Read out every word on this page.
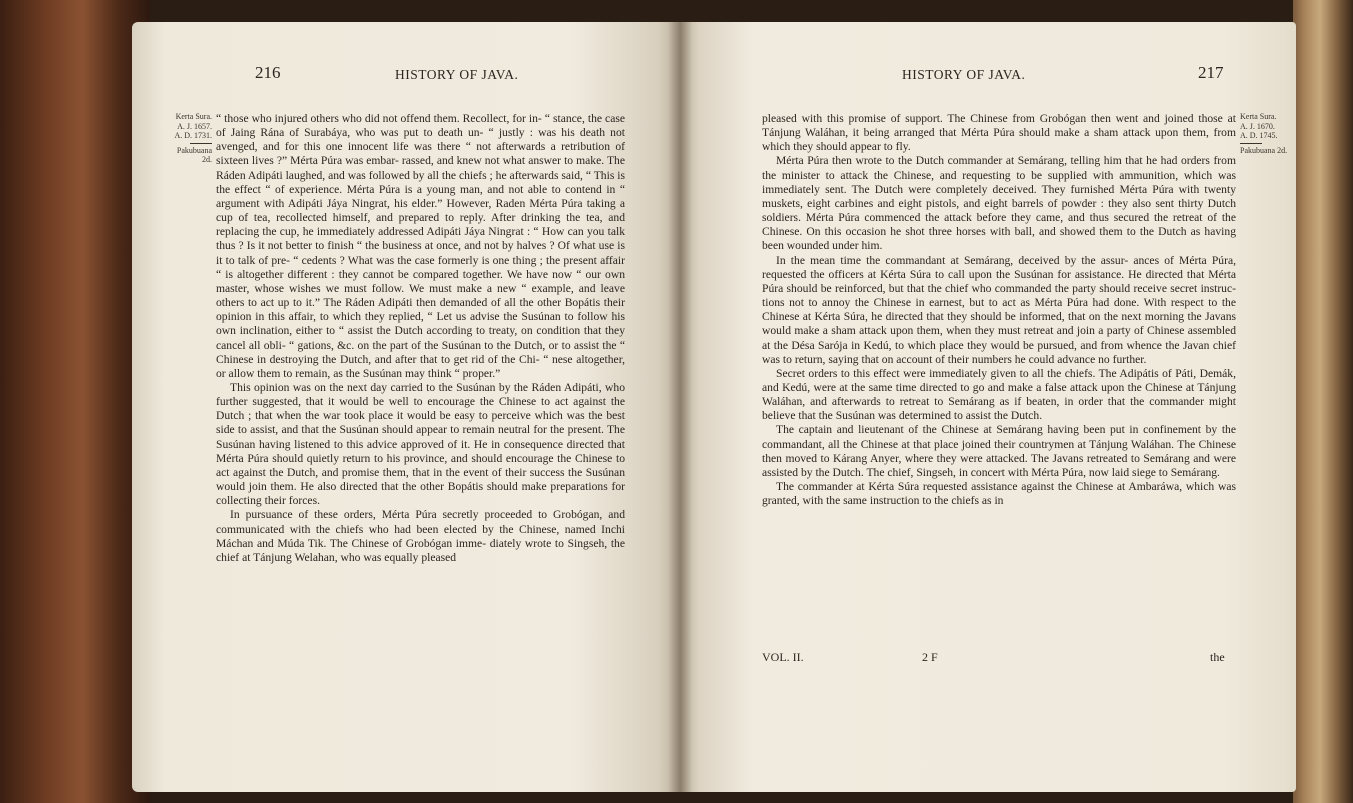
216	HISTORY OF JAVA.
Kerta Sura.
A. J. 1657.
A. D. 1731.
Pakubuana 2d.

“ those who injured others who did not offend them. Recollect, for in- “ stance, the case of Jaing Rána of Surabáya, who was put to death un- “ justly : was his death not avenged, and for this one innocent life was there “ not afterwards a retribution of sixteen lives ?” Mérta Púra was embar- rassed, and knew not what answer to make. The Ráden Adipáti laughed, and was followed by all the chiefs ; he afterwards said, “ This is the effect “ of experience. Mérta Púra is a young man, and not able to contend in “ argument with Adipáti Jáya Ningrat, his elder.” However, Raden Mérta Púra taking a cup of tea, recollected himself, and prepared to reply. After drinking the tea, and replacing the cup, he immediately addressed Adipáti Jáya Ningrat : “ How can you talk thus ? Is it not better to finish “ the business at once, and not by halves ? Of what use is it to talk of pre- “ cedents ? What was the case formerly is one thing ; the present affair “ is altogether different : they cannot be compared together. We have now “ our own master, whose wishes we must follow. We must make a new “ example, and leave others to act up to it.” The Ráden Adipáti then demanded of all the other Bopátis their opinion in this affair, to which they replied, “ Let us advise the Susúnan to follow his own inclination, either to “ assist the Dutch according to treaty, on condition that they cancel all obli- “ gations, &c. on the part of the Susúnan to the Dutch, or to assist the “ Chinese in destroying the Dutch, and after that to get rid of the Chi- “ nese altogether, or allow them to remain, as the Susúnan may think “ proper.”

This opinion was on the next day carried to the Susúnan by the Ráden Adipáti, who further suggested, that it would be well to encourage the Chinese to act against the Dutch ; that when the war took place it would be easy to perceive which was the best side to assist, and that the Susúnan should appear to remain neutral for the present. The Susúnan having listened to this advice approved of it. He in consequence directed that Mérta Púra should quietly return to his province, and should encourage the Chinese to act against the Dutch, and promise them, that in the event of their success the Susúnan would join them. He also directed that the other Bopátis should make preparations for collecting their forces.

In pursuance of these orders, Mérta Púra secretly proceeded to Grobógan, and communicated with the chiefs who had been elected by the Chinese, named Inchi Máchan and Múda Tik. The Chinese of Grobógan imme- diately wrote to Singseh, the chief at Tánjung Welahan, who was equally pleased

HISTORY OF JAVA.	217
Kerta Sura.
A. J. 1670.
A. D. 1745.
Pakubuana 2d.

pleased with this promise of support. The Chinese from Grobógan then went and joined those at Tánjung Waláhan, it being arranged that Mérta Púra should make a sham attack upon them, from which they should appear to fly.

Mérta Púra then wrote to the Dutch commander at Semárang, telling him that he had orders from the minister to attack the Chinese, and requesting to be supplied with ammunition, which was immediately sent. The Dutch were completely deceived. They furnished Mérta Púra with twenty muskets, eight carbines and eight pistols, and eight barrels of powder : they also sent thirty Dutch soldiers. Mérta Púra commenced the attack before they came, and thus secured the retreat of the Chinese. On this occasion he shot three horses with ball, and showed them to the Dutch as having been wounded under him.

In the mean time the commandant at Semárang, deceived by the assur- ances of Mérta Púra, requested the officers at Kérta Súra to call upon the Susúnan for assistance. He directed that Mérta Púra should be reinforced, but that the chief who commanded the party should receive secret instruc- tions not to annoy the Chinese in earnest, but to act as Mérta Púra had done. With respect to the Chinese at Kérta Súra, he directed that they should be informed, that on the next morning the Javans would make a sham attack upon them, when they must retreat and join a party of Chinese assembled at the Désa Sarója in Kedú, to which place they would be pursued, and from whence the Javan chief was to return, saying that on account of their numbers he could advance no further.

Secret orders to this effect were immediately given to all the chiefs. The Adipátis of Páti, Demák, and Kedú, were at the same time directed to go and make a false attack upon the Chinese at Tánjung Waláhan, and afterwards to retreat to Semárang as if beaten, in order that the commander might believe that the Susúnan was determined to assist the Dutch.

The captain and lieutenant of the Chinese at Semárang having been put in confinement by the commandant, all the Chinese at that place joined their countrymen at Tánjung Waláhan. The Chinese then moved to Kárang Anyer, where they were attacked. The Javans retreated to Semárang and were assisted by the Dutch. The chief, Singseh, in concert with Mérta Púra, now laid siege to Semárang.

The commander at Kérta Súra requested assistance against the Chinese at Ambaráwa, which was granted, with the same instruction to the chiefs as in

VOL. II.	2 F	the
